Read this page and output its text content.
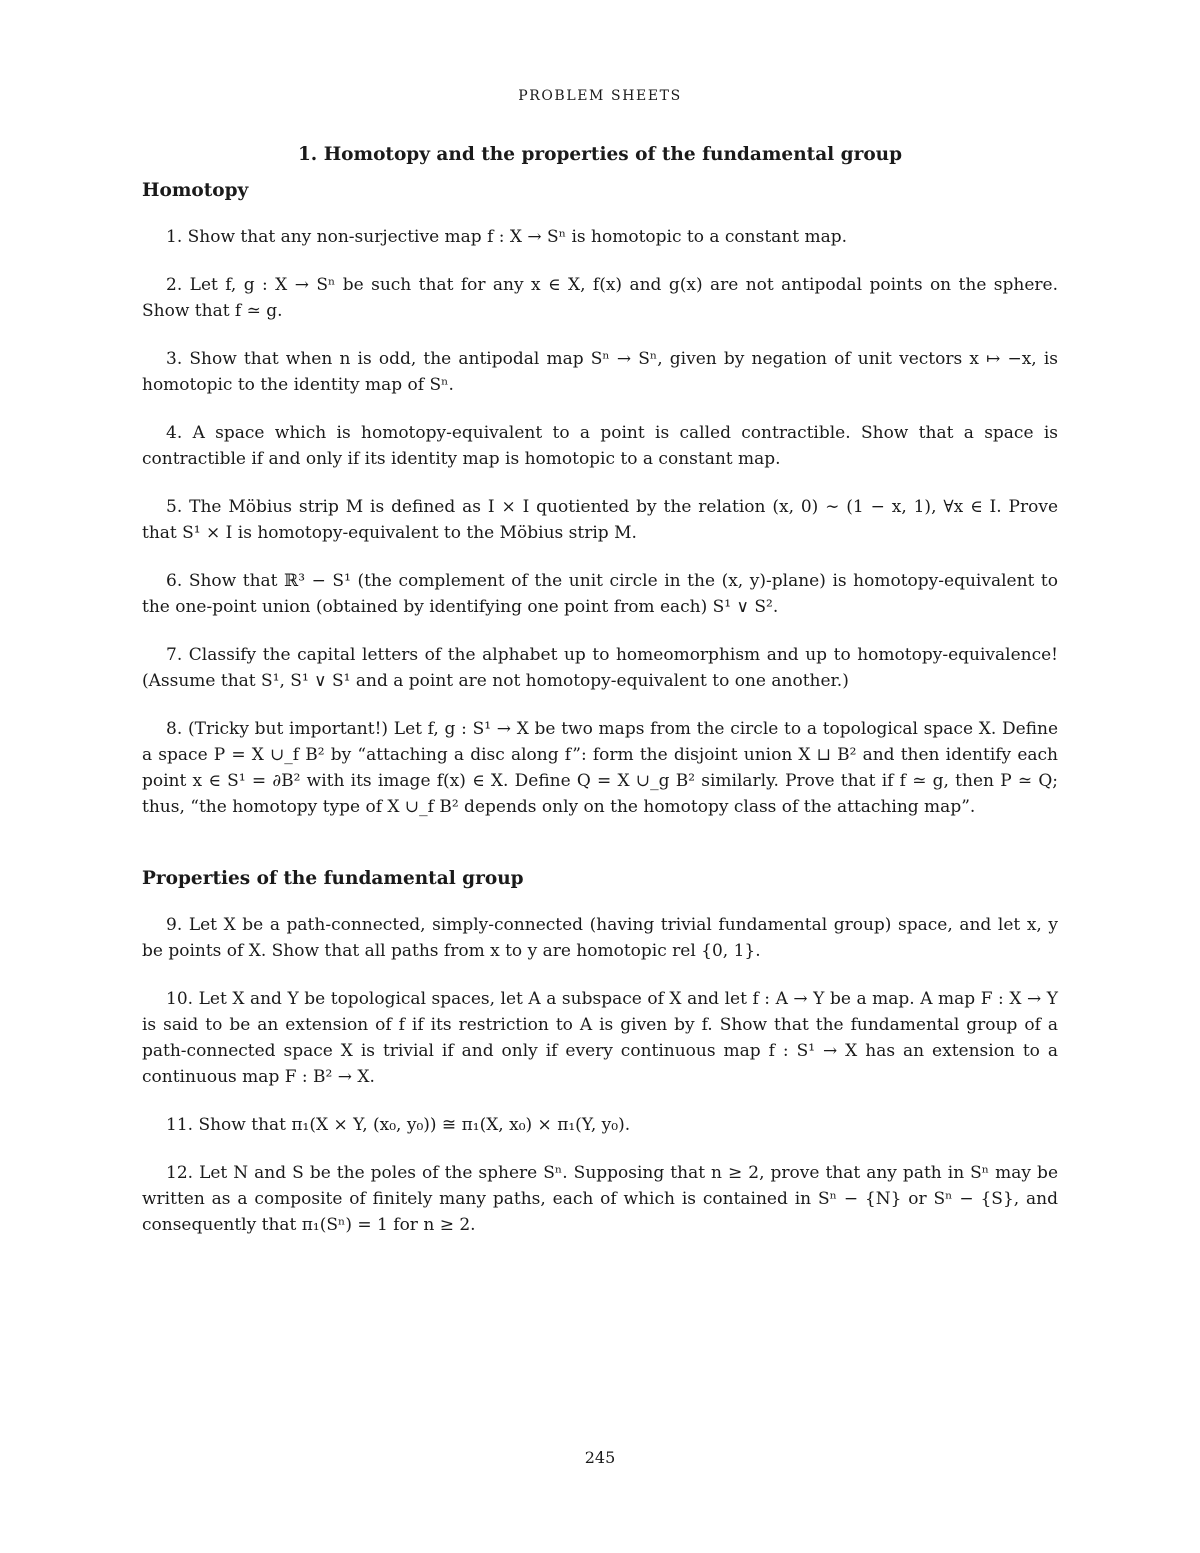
PROBLEM SHEETS
1. Homotopy and the properties of the fundamental group
Homotopy
1. Show that any non-surjective map f : X → Sⁿ is homotopic to a constant map.
2. Let f, g : X → Sⁿ be such that for any x ∈ X, f(x) and g(x) are not antipodal points on the sphere. Show that f ≃ g.
3. Show that when n is odd, the antipodal map Sⁿ → Sⁿ, given by negation of unit vectors x ↦ −x, is homotopic to the identity map of Sⁿ.
4. A space which is homotopy-equivalent to a point is called contractible. Show that a space is contractible if and only if its identity map is homotopic to a constant map.
5. The Möbius strip M is defined as I × I quotiented by the relation (x, 0) ∼ (1 − x, 1), ∀x ∈ I. Prove that S¹ × I is homotopy-equivalent to the Möbius strip M.
6. Show that ℝ³ − S¹ (the complement of the unit circle in the (x, y)-plane) is homotopy-equivalent to the one-point union (obtained by identifying one point from each) S¹ ∨ S².
7. Classify the capital letters of the alphabet up to homeomorphism and up to homotopy-equivalence! (Assume that S¹, S¹ ∨ S¹ and a point are not homotopy-equivalent to one another.)
8. (Tricky but important!) Let f, g : S¹ → X be two maps from the circle to a topological space X. Define a space P = X ∪_f B² by “attaching a disc along f”: form the disjoint union X ⊔ B² and then identify each point x ∈ S¹ = ∂B² with its image f(x) ∈ X. Define Q = X ∪_g B² similarly. Prove that if f ≃ g, then P ≃ Q; thus, “the homotopy type of X ∪_f B² depends only on the homotopy class of the attaching map”.
Properties of the fundamental group
9. Let X be a path-connected, simply-connected (having trivial fundamental group) space, and let x, y be points of X. Show that all paths from x to y are homotopic rel {0, 1}.
10. Let X and Y be topological spaces, let A a subspace of X and let f : A → Y be a map. A map F : X → Y is said to be an extension of f if its restriction to A is given by f. Show that the fundamental group of a path-connected space X is trivial if and only if every continuous map f : S¹ → X has an extension to a continuous map F : B² → X.
11. Show that π₁(X × Y, (x₀, y₀)) ≅ π₁(X, x₀) × π₁(Y, y₀).
12. Let N and S be the poles of the sphere Sⁿ. Supposing that n ≥ 2, prove that any path in Sⁿ may be written as a composite of finitely many paths, each of which is contained in Sⁿ − {N} or Sⁿ − {S}, and consequently that π₁(Sⁿ) = 1 for n ≥ 2.
245
